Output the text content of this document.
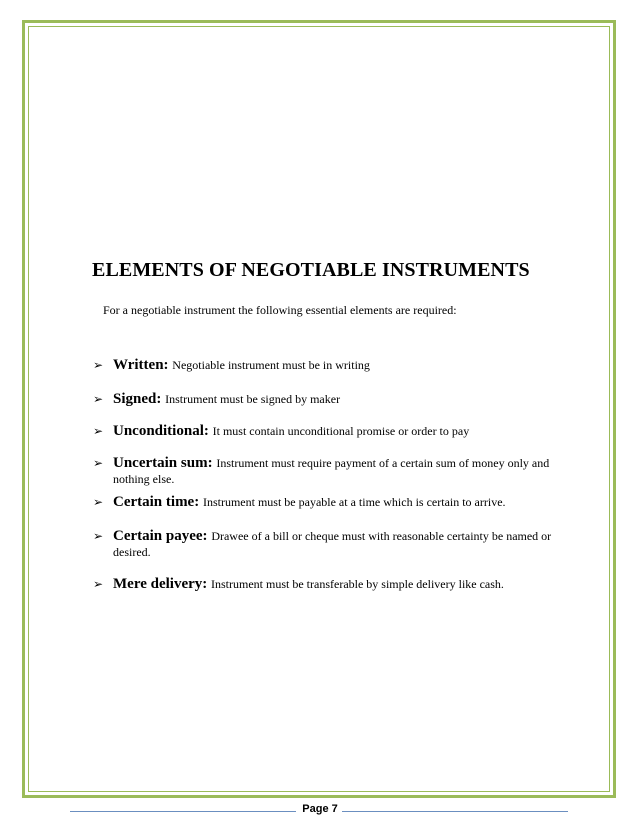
ELEMENTS OF NEGOTIABLE INSTRUMENTS
For a negotiable instrument the following essential elements are required:
➢ Written: Negotiable instrument must be in writing
➢ Signed: Instrument must be signed by maker
➢ Unconditional: It must contain unconditional promise or order to pay
➢ Uncertain sum: Instrument must require payment of a certain sum of money only and nothing else.
➢ Certain time: Instrument must be payable at a time which is certain to arrive.
➢ Certain payee: Drawee of a bill or cheque must with reasonable certainty be named or desired.
➢ Mere delivery: Instrument must be transferable by simple delivery like cash.
Page 7
